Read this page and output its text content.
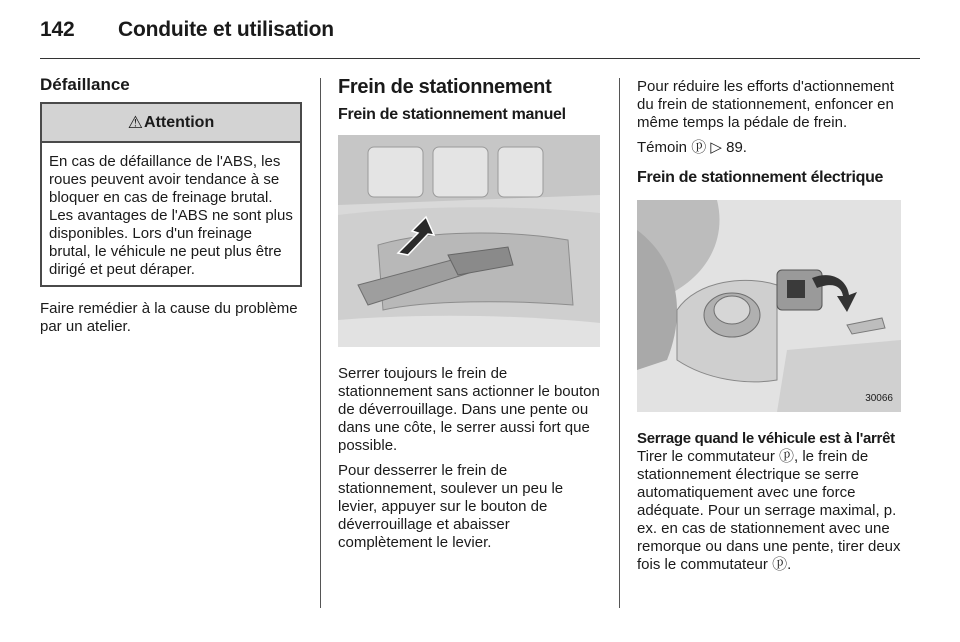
142 Conduite et utilisation
Défaillance
⚠ Attention
En cas de défaillance de l'ABS, les roues peuvent avoir tendance à se bloquer en cas de freinage brutal. Les avantages de l'ABS ne sont plus disponibles. Lors d'un freinage brutal, le véhicule ne peut plus être dirigé et peut déraper.

Faire remédier à la cause du problème par un atelier.

Frein de stationnement
Frein de stationnement manuel

Serrer toujours le frein de stationnement sans actionner le bouton de déverrouillage. Dans une pente ou dans une côte, le serrer aussi fort que possible.

Pour desserrer le frein de stationnement, soulever un peu le levier, appuyer sur le bouton de déverrouillage et abaisser complètement le levier.

Pour réduire les efforts d'actionnement du frein de stationnement, enfoncer en même temps la pédale de frein.

Témoin ⓟ ▷ 89.

Frein de stationnement électrique
30066
Serrage quand le véhicule est à l'arrêt

Tirer le commutateur ⓟ, le frein de stationnement électrique se serre automatiquement avec une force adéquate. Pour un serrage maximal, p. ex. en cas de stationnement avec une remorque ou dans une pente, tirer deux fois le commutateur ⓟ.
